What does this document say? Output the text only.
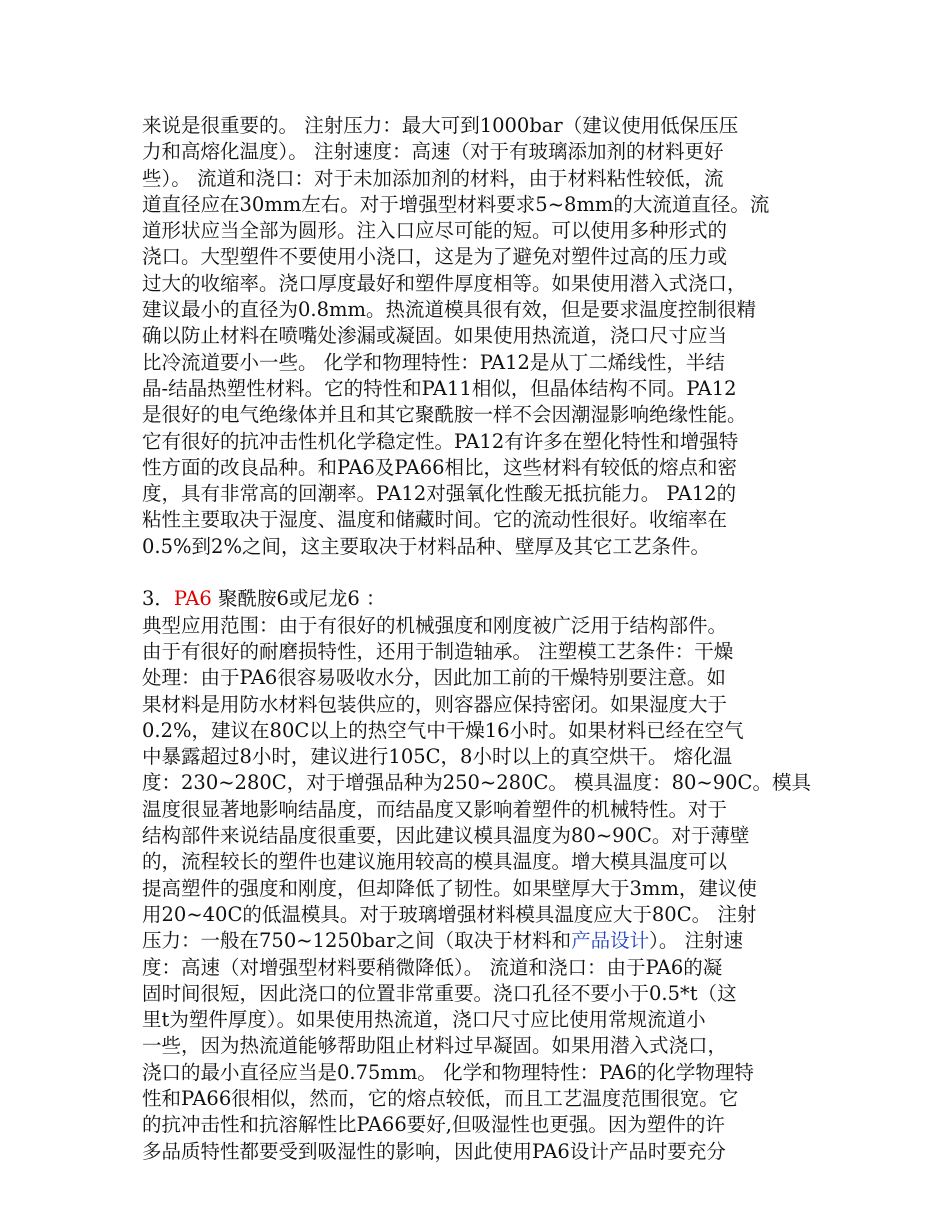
来说是很重要的。 注射压力：最大可到1000bar（建议使用低保压压
力和高熔化温度）。 注射速度：高速（对于有玻璃添加剂的材料更好
些）。 流道和浇口：对于未加添加剂的材料，由于材料粘性较低，流
道直径应在30mm左右。对于增强型材料要求5~8mm的大流道直径。流
道形状应当全部为圆形。注入口应尽可能的短。可以使用多种形式的
浇口。大型塑件不要使用小浇口，这是为了避免对塑件过高的压力或
过大的收缩率。浇口厚度最好和塑件厚度相等。如果使用潜入式浇口，
建议最小的直径为0.8mm。热流道模具很有效，但是要求温度控制很精
确以防止材料在喷嘴处渗漏或凝固。如果使用热流道，浇口尺寸应当
比冷流道要小一些。 化学和物理特性：PA12是从丁二烯线性，半结
晶-结晶热塑性材料。它的特性和PA11相似，但晶体结构不同。PA12
是很好的电气绝缘体并且和其它聚酰胺一样不会因潮湿影响绝缘性能。
它有很好的抗冲击性机化学稳定性。PA12有许多在塑化特性和增强特
性方面的改良品种。和PA6及PA66相比，这些材料有较低的熔点和密
度，具有非常高的回潮率。PA12对强氧化性酸无抵抗能力。 PA12的
粘性主要取决于湿度、温度和储藏时间。它的流动性很好。收缩率在
0.5%到2%之间，这主要取决于材料品种、壁厚及其它工艺条件。
3．PA6 聚酰胺6或尼龙6 ：
典型应用范围：由于有很好的机械强度和刚度被广泛用于结构部件。
由于有很好的耐磨损特性，还用于制造轴承。 注塑模工艺条件：干燥
处理：由于PA6很容易吸收水分，因此加工前的干燥特别要注意。如
果材料是用防水材料包装供应的，则容器应保持密闭。如果湿度大于
0.2%，建议在80C以上的热空气中干燥16小时。如果材料已经在空气
中暴露超过8小时，建议进行105C，8小时以上的真空烘干。 熔化温
度：230~280C，对于增强品种为250~280C。 模具温度：80~90C。模具
温度很显著地影响结晶度，而结晶度又影响着塑件的机械特性。对于
结构部件来说结晶度很重要，因此建议模具温度为80~90C。对于薄壁
的，流程较长的塑件也建议施用较高的模具温度。增大模具温度可以
提高塑件的强度和刚度，但却降低了韧性。如果壁厚大于3mm，建议使
用20~40C的低温模具。对于玻璃增强材料模具温度应大于80C。 注射
压力：一般在750~1250bar之间（取决于材料和产品设计）。 注射速
度：高速（对增强型材料要稍微降低）。 流道和浇口：由于PA6的凝
固时间很短，因此浇口的位置非常重要。浇口孔径不要小于0.5*t（这
里t为塑件厚度）。如果使用热流道，浇口尺寸应比使用常规流道小
一些，因为热流道能够帮助阻止材料过早凝固。如果用潜入式浇口，
浇口的最小直径应当是0.75mm。 化学和物理特性：PA6的化学物理特
性和PA66很相似，然而，它的熔点较低，而且工艺温度范围很宽。它
的抗冲击性和抗溶解性比PA66要好,但吸湿性也更强。因为塑件的许
多品质特性都要受到吸湿性的影响，因此使用PA6设计产品时要充分
